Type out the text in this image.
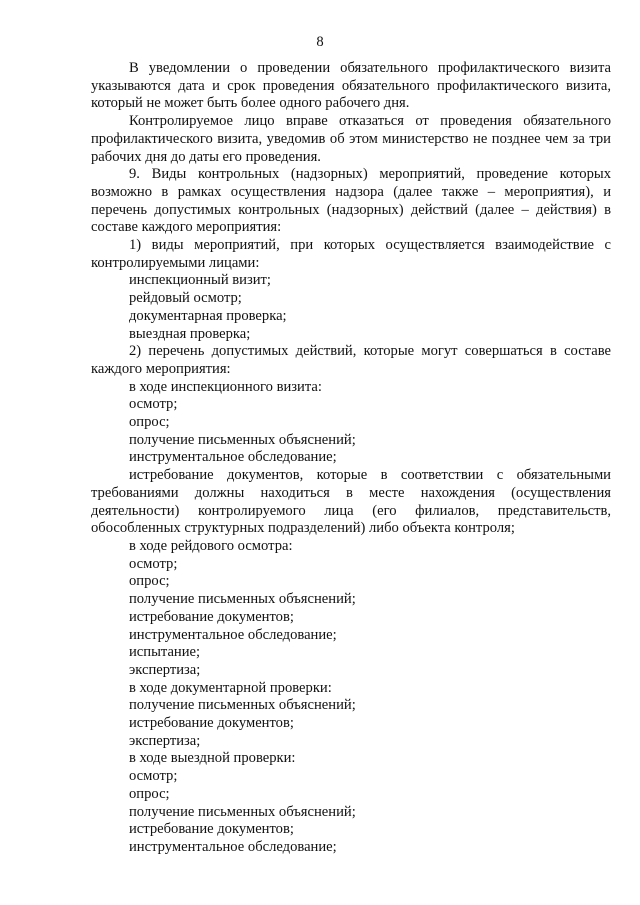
8

В уведомлении о проведении обязательного профилактического визита указываются дата и срок проведения обязательного профилактического визита, который не может быть более одного рабочего дня.

Контролируемое лицо вправе отказаться от проведения обязательного профилактического визита, уведомив об этом министерство не позднее чем за три рабочих дня до даты его проведения.

9. Виды контрольных (надзорных) мероприятий, проведение которых возможно в рамках осуществления надзора (далее также – мероприятия), и перечень допустимых контрольных (надзорных) действий (далее – действия) в составе каждого мероприятия:

1) виды мероприятий, при которых осуществляется взаимодействие с контролируемыми лицами:

инспекционный визит;

рейдовый осмотр;

документарная проверка;

выездная проверка;

2) перечень допустимых действий, которые могут совершаться в составе каждого мероприятия:

в ходе инспекционного визита:

осмотр;

опрос;

получение письменных объяснений;

инструментальное обследование;

истребование документов, которые в соответствии с обязательными требованиями должны находиться в месте нахождения (осуществления деятельности) контролируемого лица (его филиалов, представительств, обособленных структурных подразделений) либо объекта контроля;

в ходе рейдового осмотра:

осмотр;

опрос;

получение письменных объяснений;

истребование документов;

инструментальное обследование;

испытание;

экспертиза;

в ходе документарной проверки:

получение письменных объяснений;

истребование документов;

экспертиза;

в ходе выездной проверки:

осмотр;

опрос;

получение письменных объяснений;

истребование документов;

инструментальное обследование;
